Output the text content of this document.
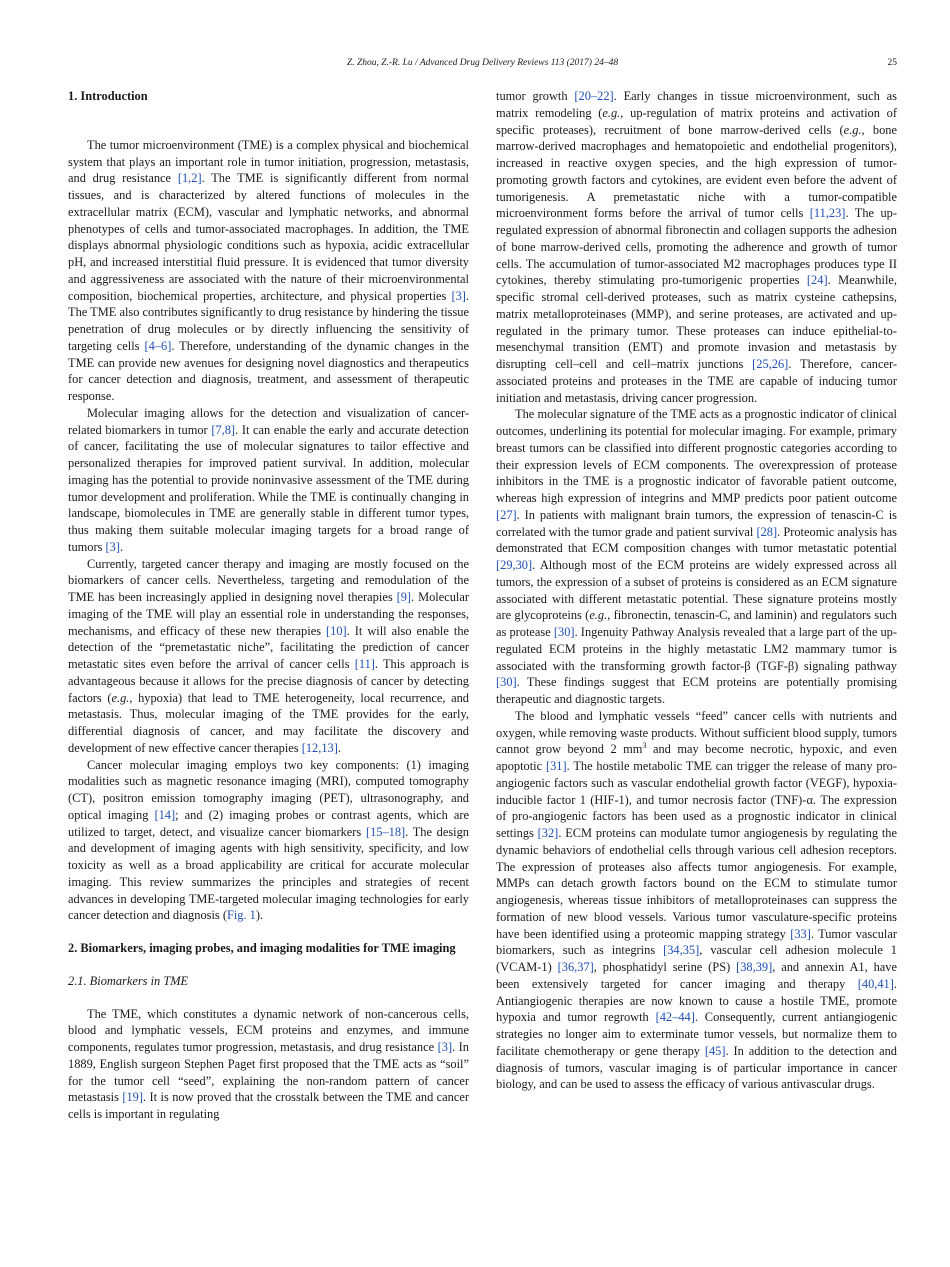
Z. Zhou, Z.-R. Lu / Advanced Drug Delivery Reviews 113 (2017) 24–48	25
1. Introduction

The tumor microenvironment (TME) is a complex physical and biochemical system that plays an important role in tumor initiation, progression, metastasis, and drug resistance [1,2]. The TME is significantly different from normal tissues, and is characterized by altered functions of molecules in the extracellular matrix (ECM), vascular and lymphatic networks, and abnormal phenotypes of cells and tumor-associated macrophages. In addition, the TME displays abnormal physiologic conditions such as hypoxia, acidic extracellular pH, and increased interstitial fluid pressure. It is evidenced that tumor diversity and aggressiveness are associated with the nature of their microenvironmental composition, biochemical properties, architecture, and physical properties [3]. The TME also contributes significantly to drug resistance by hindering the tissue penetration of drug molecules or by directly influencing the sensitivity of targeting cells [4–6]. Therefore, understanding of the dynamic changes in the TME can provide new avenues for designing novel diagnostics and therapeutics for cancer detection and diagnosis, treatment, and assessment of therapeutic response.

Molecular imaging allows for the detection and visualization of cancer-related biomarkers in tumor [7,8]. It can enable the early and accurate detection of cancer, facilitating the use of molecular signatures to tailor effective and personalized therapies for improved patient survival. In addition, molecular imaging has the potential to provide noninvasive assessment of the TME during tumor development and proliferation. While the TME is continually changing in landscape, biomolecules in TME are generally stable in different tumor types, thus making them suitable molecular imaging targets for a broad range of tumors [3].

Currently, targeted cancer therapy and imaging are mostly focused on the biomarkers of cancer cells. Nevertheless, targeting and remodulation of the TME has been increasingly applied in designing novel therapies [9]. Molecular imaging of the TME will play an essential role in understanding the responses, mechanisms, and efficacy of these new therapies [10]. It will also enable the detection of the “premetastatic niche”, facilitating the prediction of cancer metastatic sites even before the arrival of cancer cells [11]. This approach is advantageous because it allows for the precise diagnosis of cancer by detecting factors (e.g., hypoxia) that lead to TME heterogeneity, local recurrence, and metastasis. Thus, molecular imaging of the TME provides for the early, differential diagnosis of cancer, and may facilitate the discovery and development of new effective cancer therapies [12,13].

Cancer molecular imaging employs two key components: (1) imaging modalities such as magnetic resonance imaging (MRI), computed tomography (CT), positron emission tomography imaging (PET), ultrasonography, and optical imaging [14]; and (2) imaging probes or contrast agents, which are utilized to target, detect, and visualize cancer biomarkers [15–18]. The design and development of imaging agents with high sensitivity, specificity, and low toxicity as well as a broad applicability are critical for accurate molecular imaging. This review summarizes the principles and strategies of recent advances in developing TME-targeted molecular imaging technologies for early cancer detection and diagnosis (Fig. 1).

2. Biomarkers, imaging probes, and imaging modalities for TME imaging
2.1. Biomarkers in TME

The TME, which constitutes a dynamic network of non-cancerous cells, blood and lymphatic vessels, ECM proteins and enzymes, and immune components, regulates tumor progression, metastasis, and drug resistance [3]. In 1889, English surgeon Stephen Paget first proposed that the TME acts as “soil” for the tumor cell “seed”, explaining the non-random pattern of cancer metastasis [19]. It is now proved that the crosstalk between the TME and cancer cells is important in regulating

tumor growth [20–22]. Early changes in tissue microenvironment, such as matrix remodeling (e.g., up-regulation of matrix proteins and activation of specific proteases), recruitment of bone marrow-derived cells (e.g., bone marrow-derived macrophages and hematopoietic and endothelial progenitors), increased in reactive oxygen species, and the high expression of tumor-promoting growth factors and cytokines, are evident even before the advent of tumorigenesis. A premetastatic niche with a tumor-compatible microenvironment forms before the arrival of tumor cells [11,23]. The up-regulated expression of abnormal fibronectin and collagen supports the adhesion of bone marrow-derived cells, promoting the adherence and growth of tumor cells. The accumulation of tumor-associated M2 macrophages produces type II cytokines, thereby stimulating pro-tumorigenic properties [24]. Meanwhile, specific stromal cell-derived proteases, such as matrix cysteine cathepsins, matrix metalloproteinases (MMP), and serine proteases, are activated and up-regulated in the primary tumor. These proteases can induce epithelial-to-mesenchymal transition (EMT) and promote invasion and metastasis by disrupting cell–cell and cell–matrix junctions [25,26]. Therefore, cancer-associated proteins and proteases in the TME are capable of inducing tumor initiation and metastasis, driving cancer progression.

The molecular signature of the TME acts as a prognostic indicator of clinical outcomes, underlining its potential for molecular imaging. For example, primary breast tumors can be classified into different prognostic categories according to their expression levels of ECM components. The overexpression of protease inhibitors in the TME is a prognostic indicator of favorable patient outcome, whereas high expression of integrins and MMP predicts poor patient outcome [27]. In patients with malignant brain tumors, the expression of tenascin-C is correlated with the tumor grade and patient survival [28]. Proteomic analysis has demonstrated that ECM composition changes with tumor metastatic potential [29,30]. Although most of the ECM proteins are widely expressed across all tumors, the expression of a subset of proteins is considered as an ECM signature associated with different metastatic potential. These signature proteins mostly are glycoproteins (e.g., fibronectin, tenascin-C, and laminin) and regulators such as protease [30]. Ingenuity Pathway Analysis revealed that a large part of the up-regulated ECM proteins in the highly metastatic LM2 mammary tumor is associated with the transforming growth factor-β (TGF-β) signaling pathway [30]. These findings suggest that ECM proteins are potentially promising therapeutic and diagnostic targets.

The blood and lymphatic vessels “feed” cancer cells with nutrients and oxygen, while removing waste products. Without sufficient blood supply, tumors cannot grow beyond 2 $mm^3$ and may become necrotic, hypoxic, and even apoptotic [31]. The hostile metabolic TME can trigger the release of many pro-angiogenic factors such as vascular endothelial growth factor (VEGF), hypoxia-inducible factor 1 (HIF-1), and tumor necrosis factor (TNF)-α. The expression of pro-angiogenic factors has been used as a prognostic indicator in clinical settings [32]. ECM proteins can modulate tumor angiogenesis by regulating the dynamic behaviors of endothelial cells through various cell adhesion receptors. The expression of proteases also affects tumor angiogenesis. For example, MMPs can detach growth factors bound on the ECM to stimulate tumor angiogenesis, whereas tissue inhibitors of metalloproteinases can suppress the formation of new blood vessels. Various tumor vasculature-specific proteins have been identified using a proteomic mapping strategy [33]. Tumor vascular biomarkers, such as integrins [34,35], vascular cell adhesion molecule 1 (VCAM-1) [36,37], phosphatidyl serine (PS) [38,39], and annexin A1, have been extensively targeted for cancer imaging and therapy [40,41]. Antiangiogenic therapies are now known to cause a hostile TME, promote hypoxia and tumor regrowth [42–44]. Consequently, current antiangiogenic strategies no longer aim to exterminate tumor vessels, but normalize them to facilitate chemotherapy or gene therapy [45]. In addition to the detection and diagnosis of tumors, vascular imaging is of particular importance in cancer biology, and can be used to assess the efficacy of various antivascular drugs.
